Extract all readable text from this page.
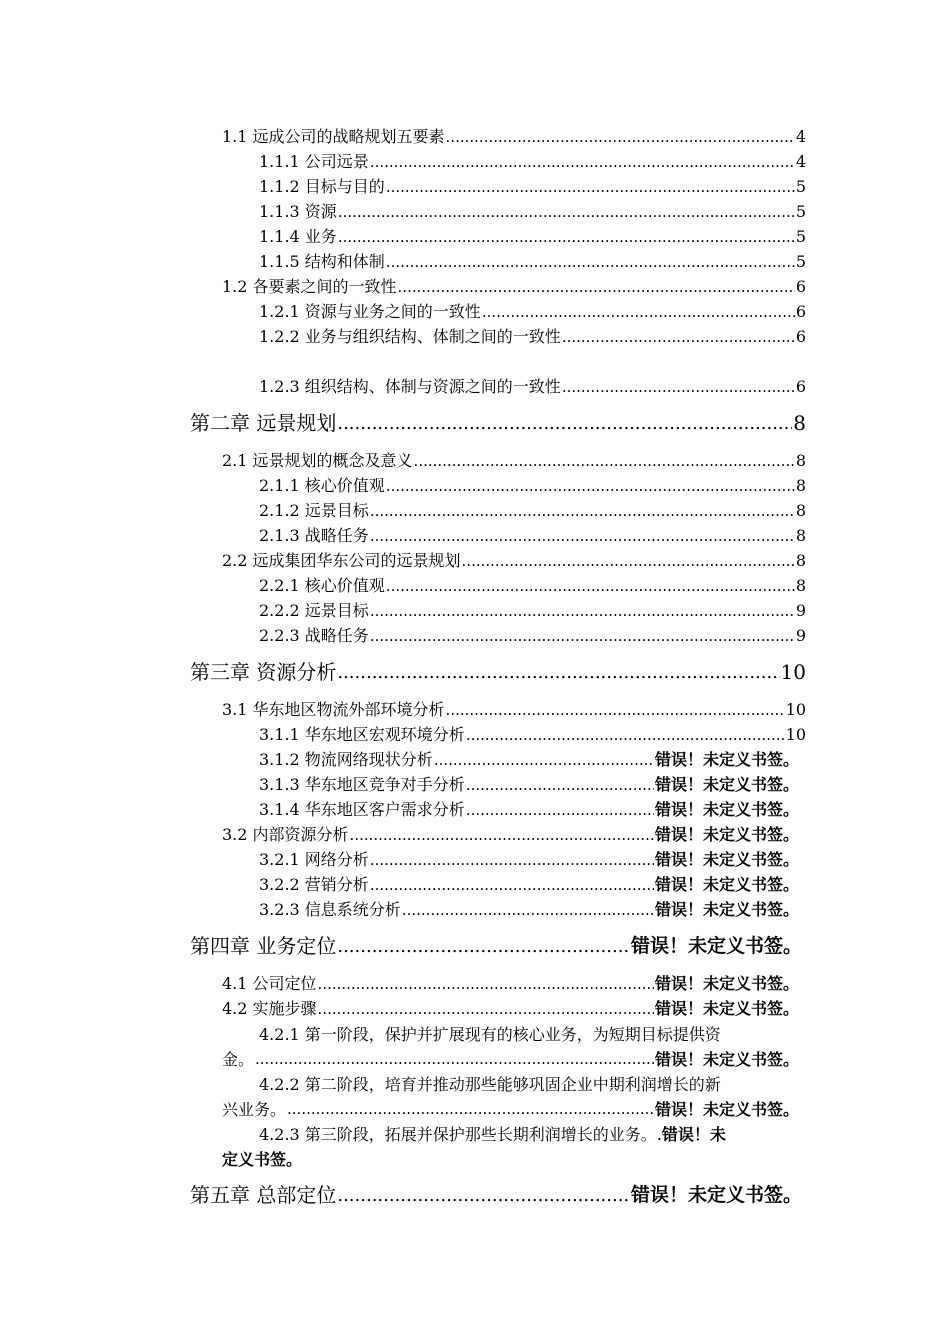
1.1 远成公司的战略规划五要素 .....	4
1.1.1 公司远景 .....	4
1.1.2 目标与目的 .....	5
1.1.3 资源 .....	5
1.1.4 业务 .....	5
1.1.5 结构和体制 .....	5
1.2 各要素之间的一致性 .....	6
1.2.1 资源与业务之间的一致性 .....	6
1.2.2 业务与组织结构、体制之间的一致性 .....	6
1.2.3 组织结构、体制与资源之间的一致性 .....	6
第二章 远景规划 .....	8
2.1 远景规划的概念及意义 .....	8
2.1.1 核心价值观 .....	8
2.1.2 远景目标 .....	8
2.1.3 战略任务 .....	8
2.2 远成集团华东公司的远景规划 .....	8
2.2.1 核心价值观 .....	8
2.2.2 远景目标 .....	9
2.2.3 战略任务 .....	9
第三章 资源分析 .....	10
3.1 华东地区物流外部环境分析 .....	10
3.1.1 华东地区宏观环境分析 .....	10
3.1.2 物流网络现状分析 .....	错误！未定义书签。
3.1.3 华东地区竞争对手分析 .....	错误！未定义书签。
3.1.4 华东地区客户需求分析 .....	错误！未定义书签。
3.2 内部资源分析 .....	错误！未定义书签。
3.2.1 网络分析 .....	错误！未定义书签。
3.2.2 营销分析 .....	错误！未定义书签。
3.2.3 信息系统分析 .....	错误！未定义书签。
第四章 业务定位 .....	错误！未定义书签。
4.1 公司定位 .....	错误！未定义书签。
4.2 实施步骤 .....	错误！未定义书签。
4.2.1 第一阶段，保护并扩展现有的核心业务，为短期目标提供资
金。 .....	错误！未定义书签。
4.2.2 第二阶段，培育并推动那些能够巩固企业中期利润增长的新
兴业务。 .....	错误！未定义书签。
4.2.3 第三阶段，拓展并保护那些长期利润增长的业务。. 错误！未
定义书签。
第五章 总部定位 .....	错误！未定义书签。
